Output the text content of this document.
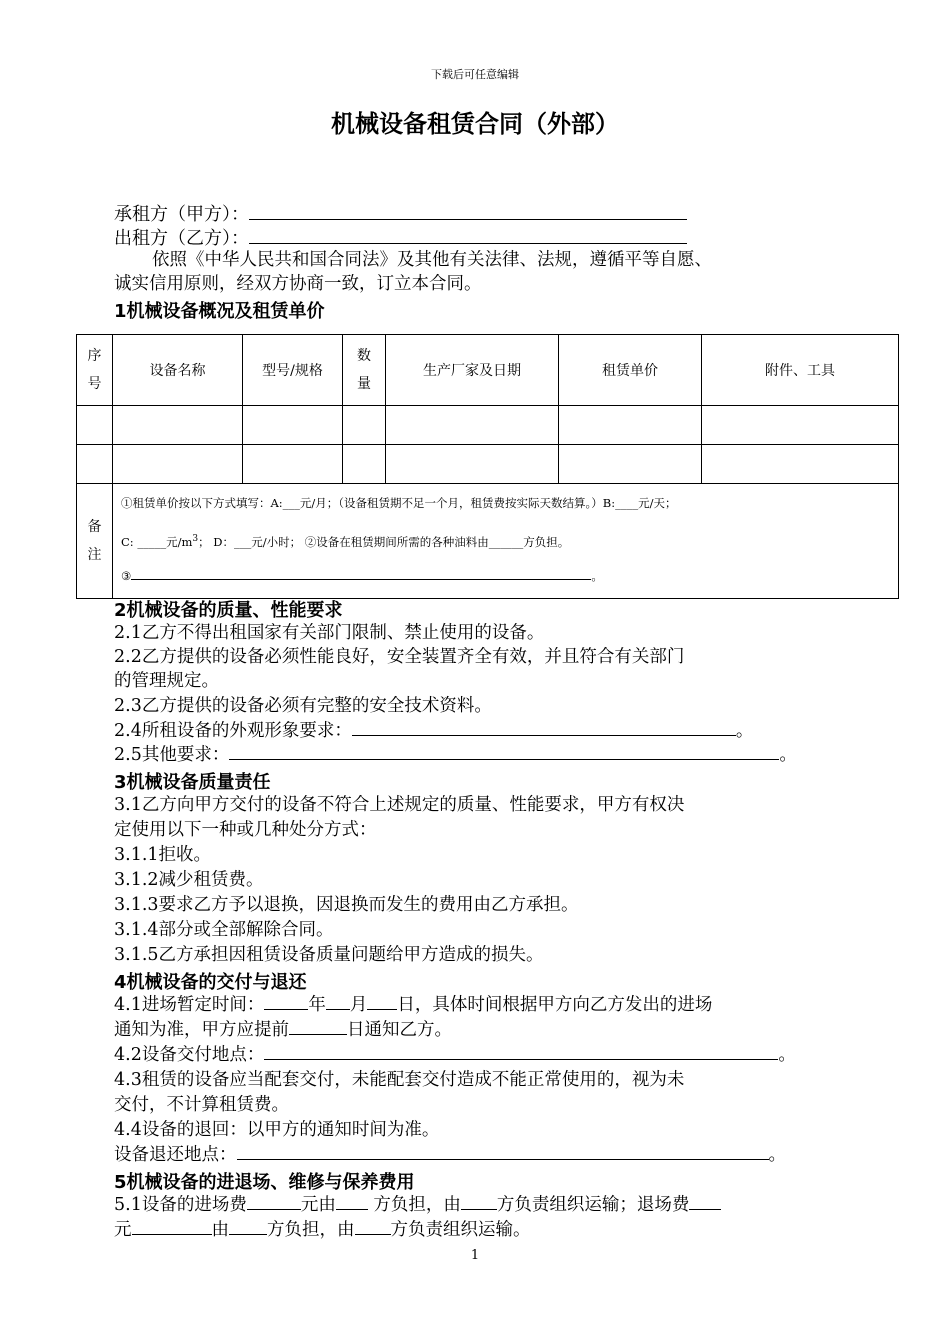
下载后可任意编辑
机械设备租赁合同（外部）
承租方（甲方）：
出租方（乙方）：
依照《中华人民共和国合同法》及其他有关法律、法规，遵循平等自愿、
诚实信用原则，经双方协商一致，订立本合同。
1机械设备概况及租赁单价
序号	设备名称	型号/规格	数量	生产厂家及日期	租赁单价	附件、工具

备注	①租赁单价按以下方式填写：A:___元/月；（设备租赁期不足一个月，租赁费按实际天数结算。）B:____元/天；
C: _____元$/m^3$； D：___元/小时； ②设备在租赁期间所需的各种油料由______方负担。
③ 。					
2机械设备的质量、性能要求
2.1乙方不得出租国家有关部门限制、禁止使用的设备。
2.2乙方提供的设备必须性能良好，安全装置齐全有效，并且符合有关部门
的管理规定。
2.3乙方提供的设备必须有完整的安全技术资料。
2.4所租设备的外观形象要求：	。
2.5其他要求：	。
3机械设备质量责任
3.1乙方向甲方交付的设备不符合上述规定的质量、性能要求，甲方有权决
定使用以下一种或几种处分方式：
3.1.1拒收。
3.1.2减少租赁费。
3.1.3要求乙方予以退换，因退换而发生的费用由乙方承担。
3.1.4部分或全部解除合同。
3.1.5乙方承担因租赁设备质量问题给甲方造成的损失。
4机械设备的交付与退还
4.1进场暂定时间：	年 月 日，具体时间根据甲方向乙方发出的进场
通知为准，甲方应提前	日通知乙方。
4.2设备交付地点：	。
4.3租赁的设备应当配套交付，未能配套交付造成不能正常使用的，视为未
交付，不计算租赁费。
4.4设备的退回：以甲方的通知时间为准。
设备退还地点：	。
5机械设备的进退场、维修与保养费用
5.1设备的进场费	元由 方负担，由 方负责组织运输；退场费
元	由 方负担，由 方负责组织运输。
1
